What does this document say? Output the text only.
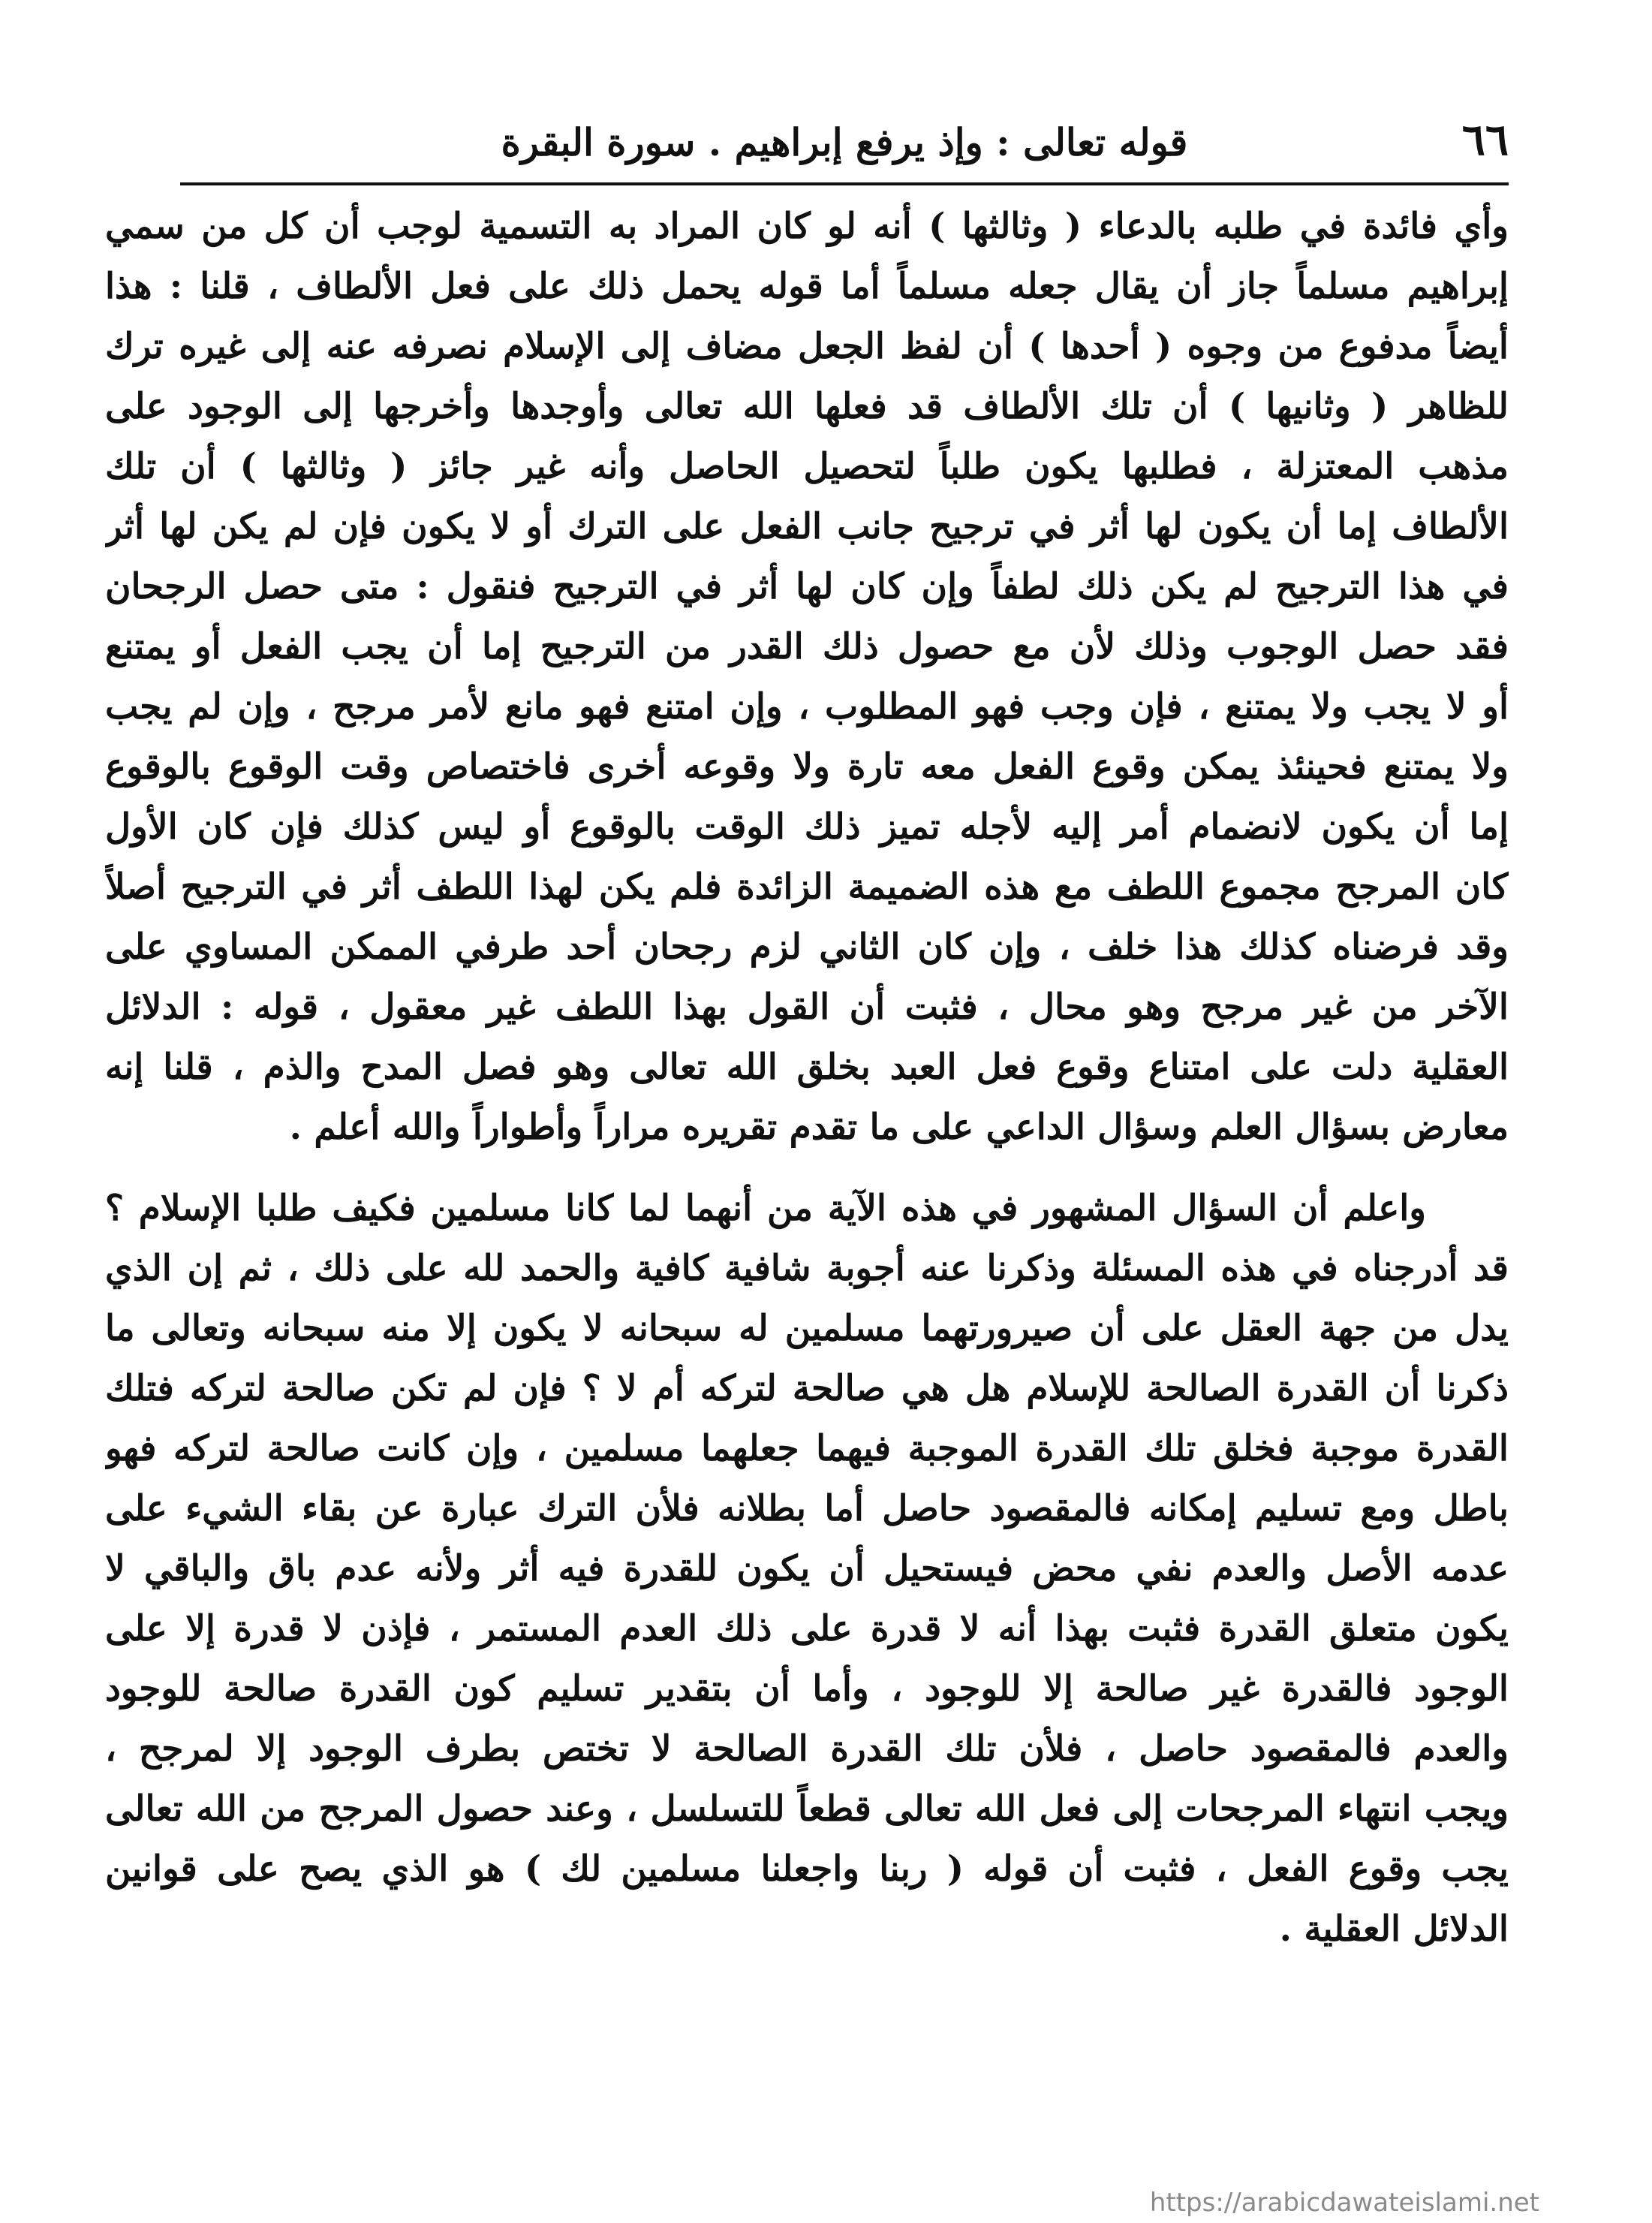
٦٦
قوله تعالى : وإذ يرفع إبراهيم . سورة البقرة
وأي فائدة في طلبه بالدعاء ( وثالثها ) أنه لو كان المراد به التسمية لوجب أن كل من سمي
إبراهيم مسلماً جاز أن يقال جعله مسلماً أما قوله يحمل ذلك على فعل الألطاف ، قلنا : هذا
أيضاً مدفوع من وجوه ( أحدها ) أن لفظ الجعل مضاف إلى الإسلام نصرفه عنه إلى غيره ترك
للظاهر ( وثانيها ) أن تلك الألطاف قد فعلها الله تعالى وأوجدها وأخرجها إلى الوجود على
مذهب المعتزلة ، فطلبها يكون طلباً لتحصيل الحاصل وأنه غير جائز ( وثالثها ) أن تلك
الألطاف إما أن يكون لها أثر في ترجيح جانب الفعل على الترك أو لا يكون فإن لم يكن لها أثر
في هذا الترجيح لم يكن ذلك لطفاً وإن كان لها أثر في الترجيح فنقول : متى حصل الرجحان
فقد حصل الوجوب وذلك لأن مع حصول ذلك القدر من الترجيح إما أن يجب الفعل أو يمتنع
أو لا يجب ولا يمتنع ، فإن وجب فهو المطلوب ، وإن امتنع فهو مانع لأمر مرجح ، وإن لم يجب
ولا يمتنع فحينئذ يمكن وقوع الفعل معه تارة ولا وقوعه أخرى فاختصاص وقت الوقوع بالوقوع
إما أن يكون لانضمام أمر إليه لأجله تميز ذلك الوقت بالوقوع أو ليس كذلك فإن كان الأول
كان المرجح مجموع اللطف مع هذه الضميمة الزائدة فلم يكن لهذا اللطف أثر في الترجيح أصلاً
وقد فرضناه كذلك هذا خلف ، وإن كان الثاني لزم رجحان أحد طرفي الممكن المساوي على
الآخر من غير مرجح وهو محال ، فثبت أن القول بهذا اللطف غير معقول ، قوله : الدلائل
العقلية دلت على امتناع وقوع فعل العبد بخلق الله تعالى وهو فصل المدح والذم ، قلنا إنه
معارض بسؤال العلم وسؤال الداعي على ما تقدم تقريره مراراً وأطواراً والله أعلم .
واعلم أن السؤال المشهور في هذه الآية من أنهما لما كانا مسلمين فكيف طلبا الإسلام ؟
قد أدرجناه في هذه المسئلة وذكرنا عنه أجوبة شافية كافية والحمد لله على ذلك ، ثم إن الذي
يدل من جهة العقل على أن صيرورتهما مسلمين له سبحانه لا يكون إلا منه سبحانه وتعالى ما
ذكرنا أن القدرة الصالحة للإسلام هل هي صالحة لتركه أم لا ؟ فإن لم تكن صالحة لتركه فتلك
القدرة موجبة فخلق تلك القدرة الموجبة فيهما جعلهما مسلمين ، وإن كانت صالحة لتركه فهو
باطل ومع تسليم إمكانه فالمقصود حاصل أما بطلانه فلأن الترك عبارة عن بقاء الشيء على
عدمه الأصل والعدم نفي محض فيستحيل أن يكون للقدرة فيه أثر ولأنه عدم باق والباقي لا
يكون متعلق القدرة فثبت بهذا أنه لا قدرة على ذلك العدم المستمر ، فإذن لا قدرة إلا على
الوجود فالقدرة غير صالحة إلا للوجود ، وأما أن بتقدير تسليم كون القدرة صالحة للوجود
والعدم فالمقصود حاصل ، فلأن تلك القدرة الصالحة لا تختص بطرف الوجود إلا لمرجح ،
ويجب انتهاء المرجحات إلى فعل الله تعالى قطعاً للتسلسل ، وعند حصول المرجح من الله تعالى
يجب وقوع الفعل ، فثبت أن قوله ( ربنا واجعلنا مسلمين لك ) هو الذي يصح على قوانين
الدلائل العقلية .
https://arabicdawateislami.net
